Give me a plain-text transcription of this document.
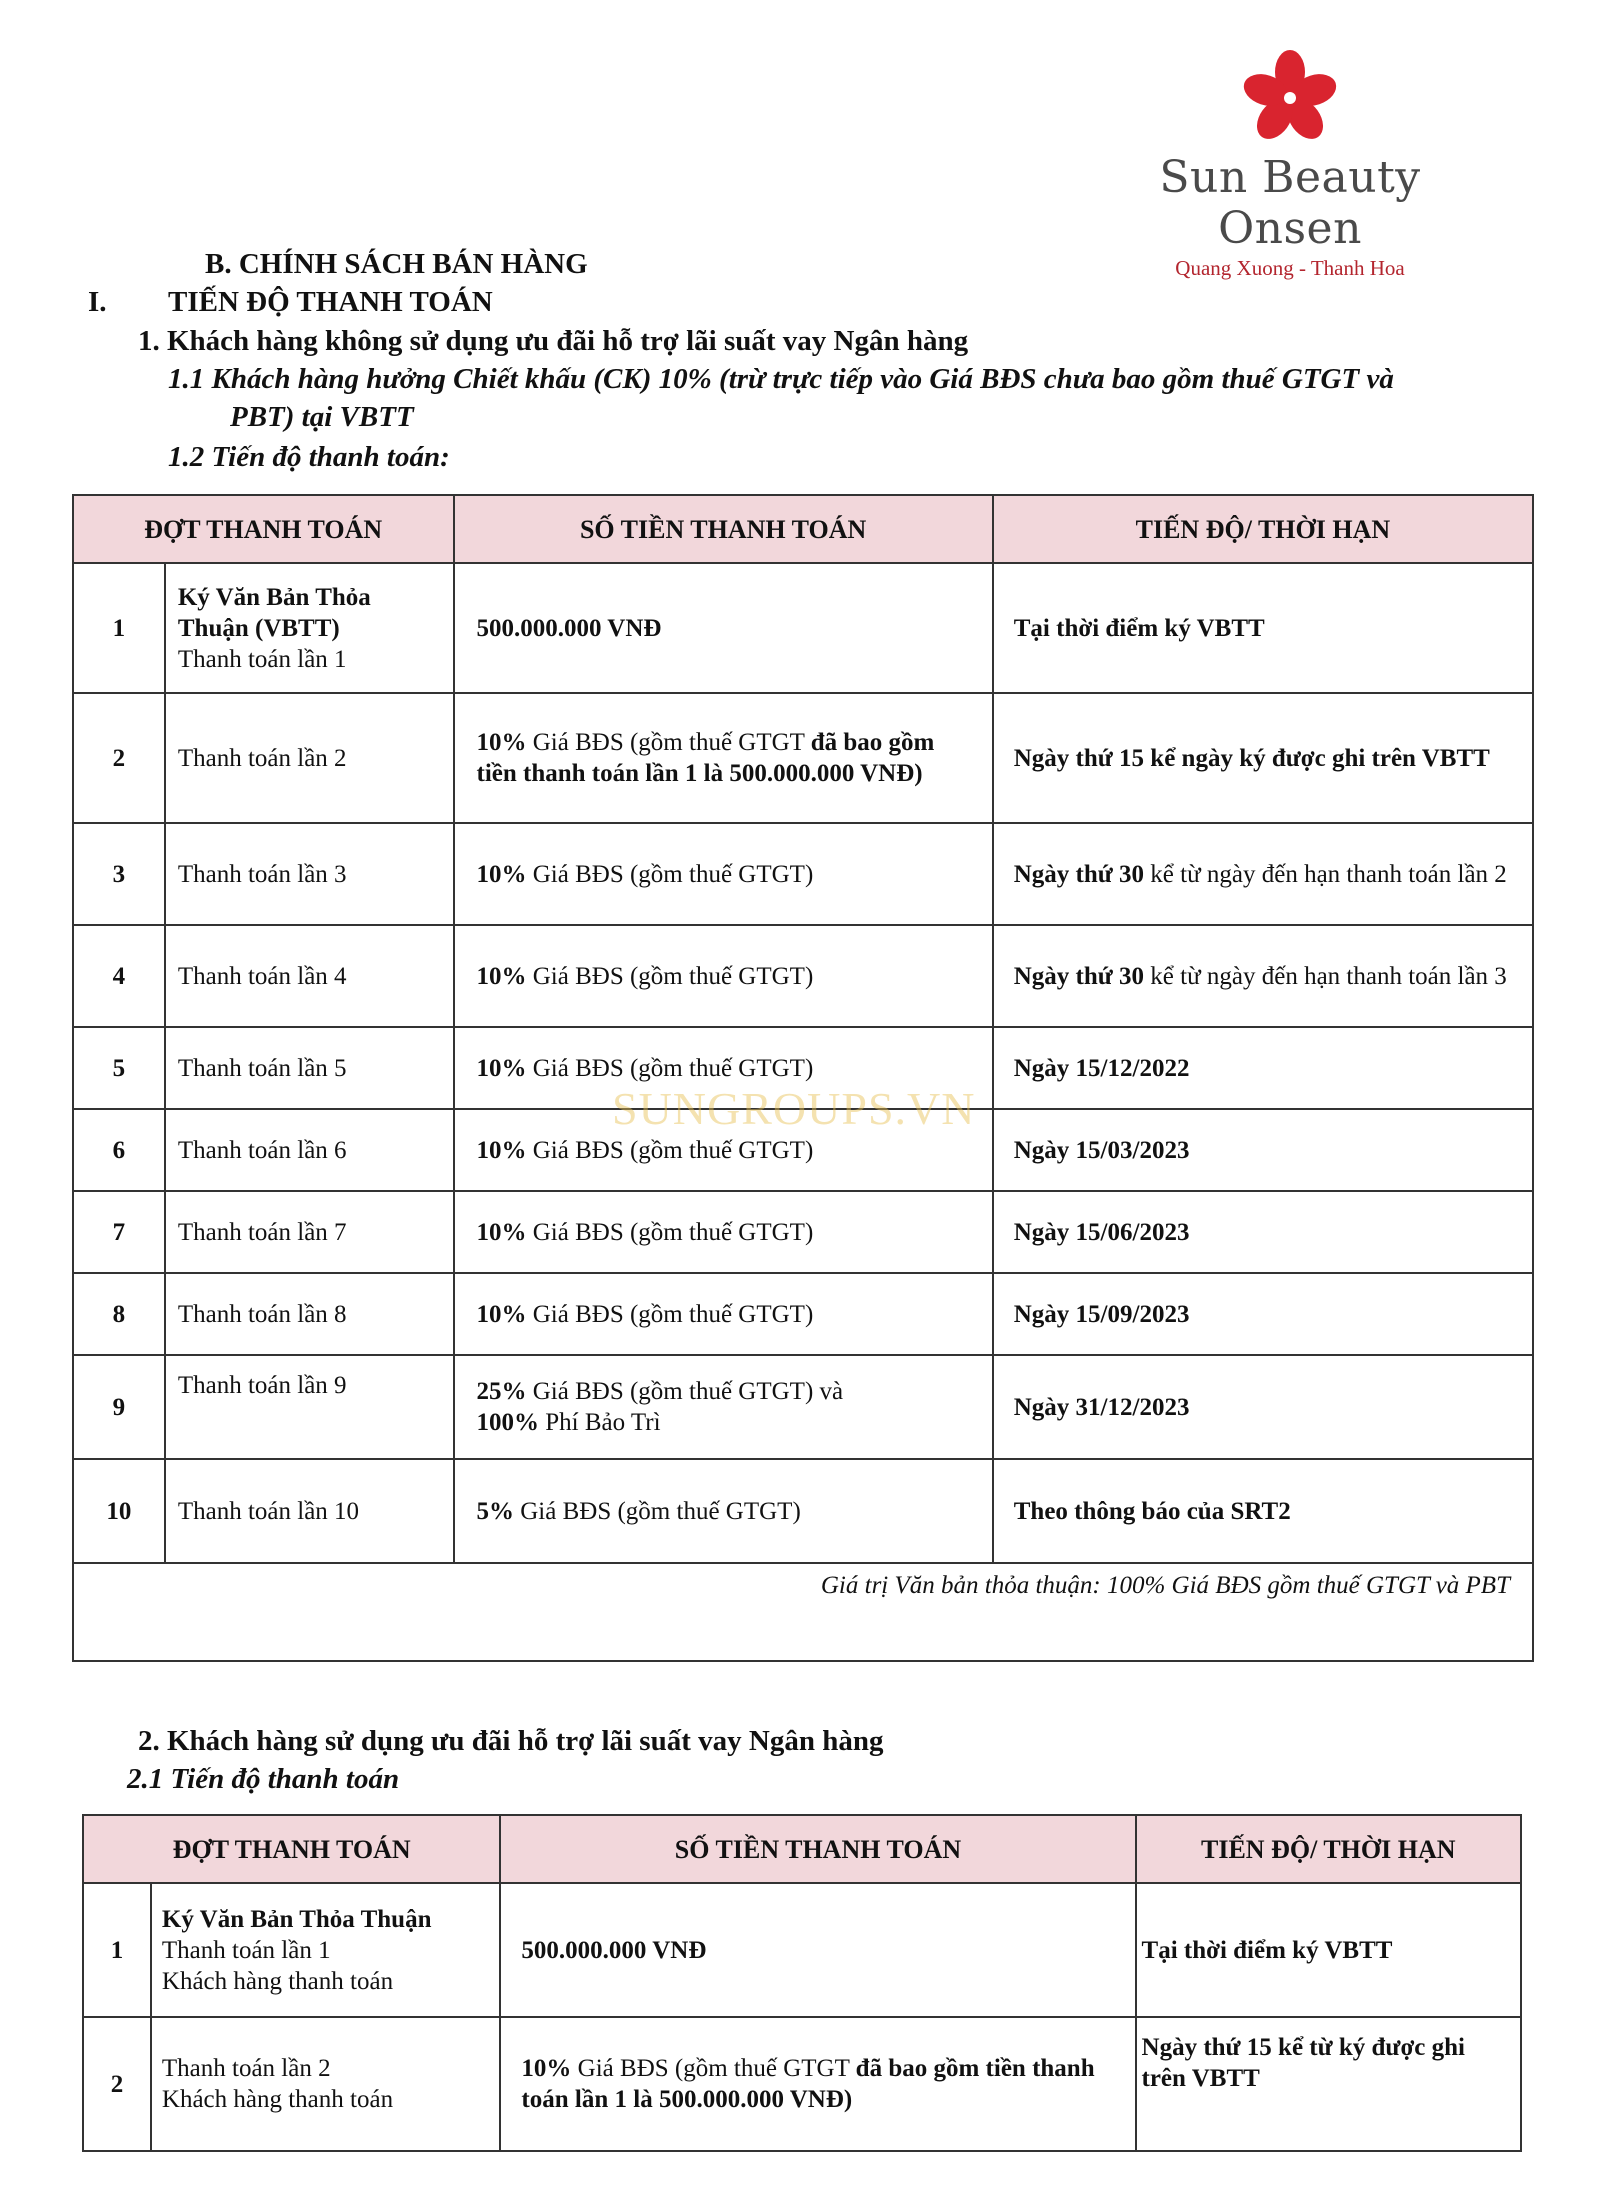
Sun Beauty Onsen
Quang Xuong - Thanh Hoa
B. CHÍNH SÁCH BÁN HÀNG
I. TIẾN ĐỘ THANH TOÁN
1. Khách hàng không sử dụng ưu đãi hỗ trợ lãi suất vay Ngân hàng
1.1 Khách hàng hưởng Chiết khấu (CK) 10% (trừ trực tiếp vào Giá BĐS chưa bao gồm thuế GTGT và
PBT) tại VBTT
1.2 Tiến độ thanh toán:
ĐỢT THANH TOÁN		SỐ TIỀN THANH TOÁN	TIẾN ĐỘ/ THỜI HẠN
1	Ký Văn Bản Thỏa
Thuận (VBTT)
Thanh toán lần 1	500.000.000 VNĐ	Tại thời điểm ký VBTT
2	Thanh toán lần 2	10% Giá BĐS (gồm thuế GTGT đã bao gồm tiền thanh toán lần 1 là 500.000.000 VNĐ)	Ngày thứ 15 kể ngày ký được ghi trên VBTT
3	Thanh toán lần 3	10% Giá BĐS (gồm thuế GTGT)	Ngày thứ 30 kể từ ngày đến hạn thanh toán lần 2
4	Thanh toán lần 4	10% Giá BĐS (gồm thuế GTGT)	Ngày thứ 30 kể từ ngày đến hạn thanh toán lần 3
5	Thanh toán lần 5	10% Giá BĐS (gồm thuế GTGT)	Ngày 15/12/2022
6	Thanh toán lần 6	10% Giá BĐS (gồm thuế GTGT)	Ngày 15/03/2023
7	Thanh toán lần 7	10% Giá BĐS (gồm thuế GTGT)	Ngày 15/06/2023
8	Thanh toán lần 8	10% Giá BĐS (gồm thuế GTGT)	Ngày 15/09/2023
9	Thanh toán lần 9	25% Giá BĐS (gồm thuế GTGT) và
100% Phí Bảo Trì	Ngày 31/12/2023
10	Thanh toán lần 10	5% Giá BĐS (gồm thuế GTGT)	Theo thông báo của SRT2
Giá trị Văn bản thỏa thuận: 100% Giá BĐS gồm thuế GTGT và PBT			
SUNGROUPS.VN
2. Khách hàng sử dụng ưu đãi hỗ trợ lãi suất vay Ngân hàng
2.1 Tiến độ thanh toán
ĐỢT THANH TOÁN		SỐ TIỀN THANH TOÁN	TIẾN ĐỘ/ THỜI HẠN
1	Ký Văn Bản Thỏa Thuận
Thanh toán lần 1
Khách hàng thanh toán	500.000.000 VNĐ	Tại thời điểm ký VBTT
2	Thanh toán lần 2
Khách hàng thanh toán	10% Giá BĐS (gồm thuế GTGT đã bao gồm tiền thanh toán lần 1 là 500.000.000 VNĐ)	Ngày thứ 15 kể từ ký được ghi trên VBTT
